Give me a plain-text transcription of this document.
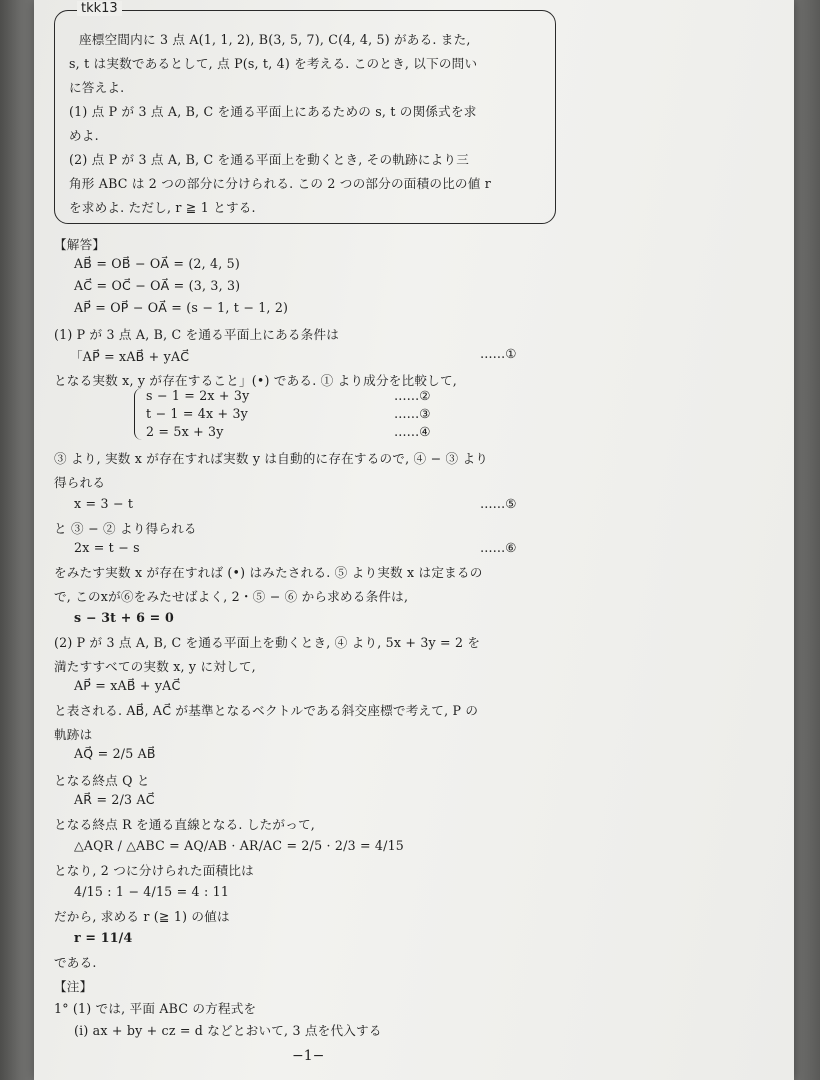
tkk13
座標空間内に 3 点 A(1, 1, 2), B(3, 5, 7), C(4, 4, 5) がある. また,
s, t は実数であるとして, 点 P(s, t, 4) を考える. このとき, 以下の問い
に答えよ.
(1) 点 P が 3 点 A, B, C を通る平面上にあるための s, t の関係式を求
めよ.
(2) 点 P が 3 点 A, B, C を通る平面上を動くとき, その軌跡により三
角形 ABC は 2 つの部分に分けられる. この 2 つの部分の面積の比の値 r
を求めよ. ただし, r ≧ 1 とする.
【解答】
AB⃗ = OB⃗ − OA⃗ = (2, 4, 5)
AC⃗ = OC⃗ − OA⃗ = (3, 3, 3)
AP⃗ = OP⃗ − OA⃗ = (s − 1, t − 1, 2)
(1) P が 3 点 A, B, C を通る平面上にある条件は
「AP⃗ = xAB⃗ + yAC⃗	……①
となる実数 x, y が存在すること」(•) である. ① より成分を比較して,
s − 1 = 2x + 3y	……②
t − 1 = 4x + 3y	……③
2 = 5x + 3y	……④
③ より, 実数 x が存在すれば実数 y は自動的に存在するので, ④ − ③ より
得られる
x = 3 − t	……⑤
と ③ − ② より得られる
2x = t − s	……⑥
をみたす実数 x が存在すれば (•) はみたされる. ⑤ より実数 x は定まるの
で, このxが⑥をみたせばよく, 2・⑤ − ⑥ から求める条件は,
s − 3t + 6 = 0
(2) P が 3 点 A, B, C を通る平面上を動くとき, ④ より, 5x + 3y = 2 を
満たすすべての実数 x, y に対して,
AP⃗ = xAB⃗ + yAC⃗
と表される. AB⃗, AC⃗ が基準となるベクトルである斜交座標で考えて, P の
軌跡は
AQ⃗ = 2/5 AB⃗
となる終点 Q と
AR⃗ = 2/3 AC⃗
となる終点 R を通る直線となる. したがって,
△AQR / △ABC = AQ/AB · AR/AC = 2/5 · 2/3 = 4/15
となり, 2 つに分けられた面積比は
4/15 : 1 − 4/15 = 4 : 11
だから, 求める r (≧ 1) の値は
r = 11/4
である.
【注】
1° (1) では, 平面 ABC の方程式を
(i) ax + by + cz = d などとおいて, 3 点を代入する
−1−
